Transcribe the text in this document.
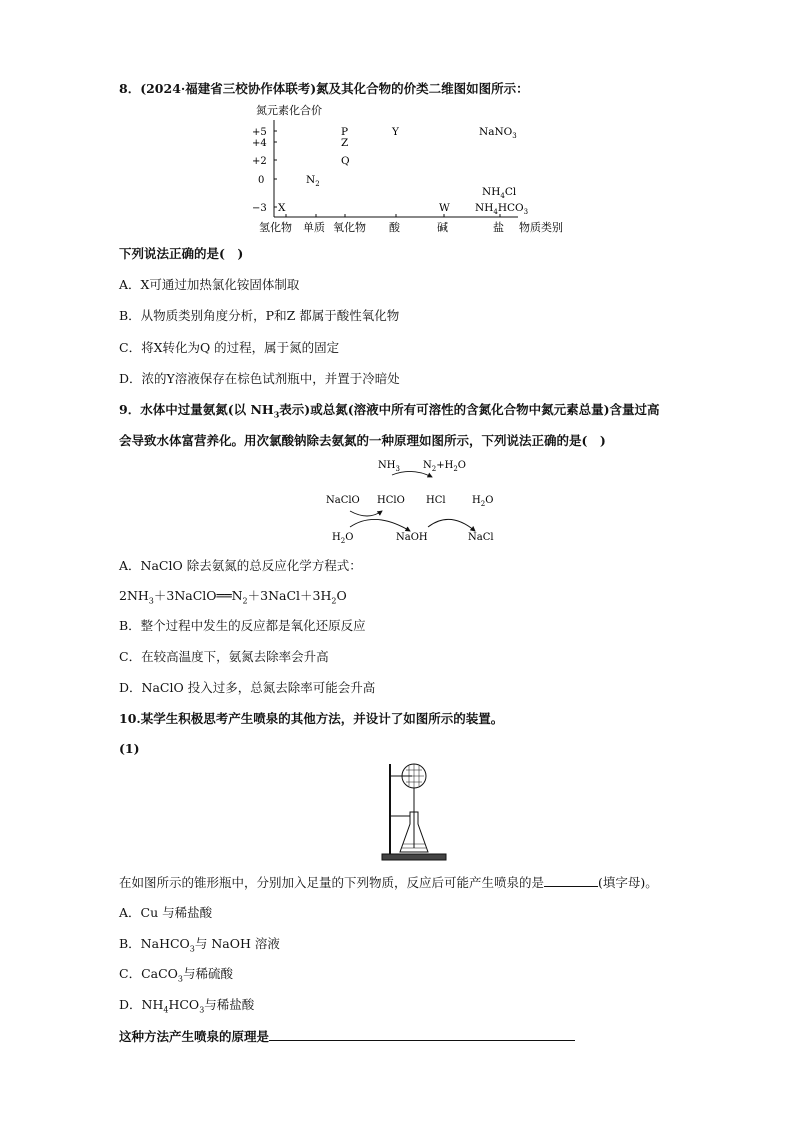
8．(2024·福建省三校协作体联考)氮及其化合物的价类二维图如图所示：
氮元素化合价
+5
+4
+2
0
−3
氢化物 单质 氧化物 酸	碱	盐 物质类别
P
Z
Q
Y	NaNO$_3$
$N_2$
X	W
$NH_4Cl$
$NH_4HCO_3$
下列说法正确的是(　)
A．X可通过加热氯化铵固体制取
B．从物质类别角度分析，P和Z 都属于酸性氧化物
C．将X转化为Q 的过程，属于氮的固定
D．浓的Y溶液保存在棕色试剂瓶中，并置于冷暗处
9．水体中过量氨氮(以 $NH_3$表示)或总氮(溶液中所有可溶性的含氮化合物中氮元素总量)含量过高
会导致水体富营养化。用次氯酸钠除去氨氮的一种原理如图所示，下列说法正确的是(　)
$NH_3$ $N_2+H_2O$
NaClO HClO HCl	$H_2O$
$H_2O$	NaOH	NaCl
A．NaClO 除去氨氮的总反应化学方程式：
$2NH_3+3NaClO══N_2+3NaCl+3H_2O$
B．整个过程中发生的反应都是氧化还原反应
C．在较高温度下，氨氮去除率会升高
D．NaClO 投入过多，总氮去除率可能会升高
10.某学生积极思考产生喷泉的其他方法，并设计了如图所示的装置。
(1)
在如图所示的锥形瓶中，分别加入足量的下列物质，反应后可能产生喷泉的是	(填字母)。
A．Cu 与稀盐酸
B．NaHCO$_3$与 NaOH 溶液
C．CaCO$_3$与稀硫酸
D．$NH_4HCO_3$与稀盐酸
这种方法产生喷泉的原理是
